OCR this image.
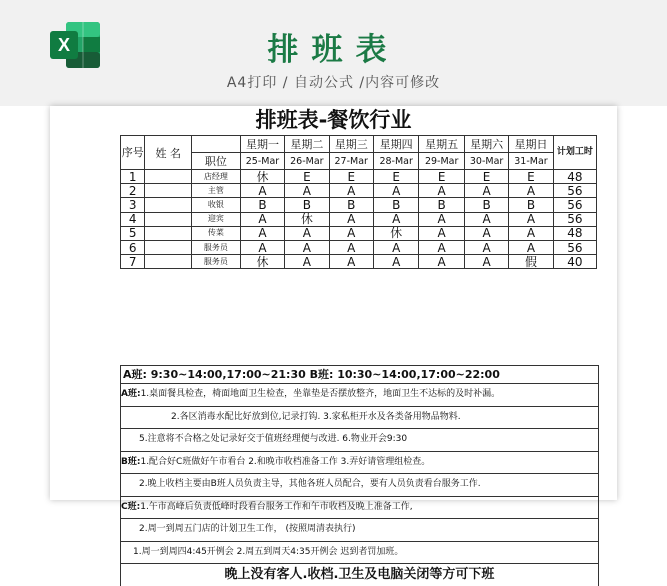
X	排班表
A4打印 / 自动公式 /内容可修改
排班表-餐饮行业
序号	姓 名		星期一	星期二	星期三	星期四	星期五	星期六	星期日	计划工时
		职位	25-Mar	26-Mar	27-Mar	28-Mar	29-Mar	30-Mar	31-Mar	
1		店经理	休	E	E	E	E	E	E	48
2		主管	A	A	A	A	A	A	A	56
3		收银	B	B	B	B	B	B	B	56
4		迎宾	A	休	A	A	A	A	A	56
5		传菜	A	A	A	休	A	A	A	48
6		服务员	A	A	A	A	A	A	A	56
7		服务员	休	A	A	A	A	A	假	40
A班: 9:30~14:00,17:00~21:30 B班: 10:30~14:00,17:00~22:00
A班:1.桌面餐具检查，椅面地面卫生检查，坐靠垫是否摆放整齐，地面卫生不达标的及时补漏。
2.各区消毒水配比好放到位,记录打钩. 3.家私柜开水及各类备用物品物料.
5.注意将不合格之处记录好交于值班经理便与改进. 6.物业开会9:30
B班:1.配合好C班做好午市看台 2.和晚市收档准备工作 3.弄好请管理组检查。
2.晚上收档主要由B班人员负责主导，其他各班人员配合，要有人员负责看台服务工作.
C班:1.午市高峰后负责低峰时段看台服务工作和午市收档及晚上准备工作,
2.周一到周五门店的计划卫生工作， (按照周清表执行)
1.周一到周四4:45开例会 2.周五到周天4:35开例会 迟到者罚加班。
晚上没有客人.收档.卫生及电脑关闭等方可下班
